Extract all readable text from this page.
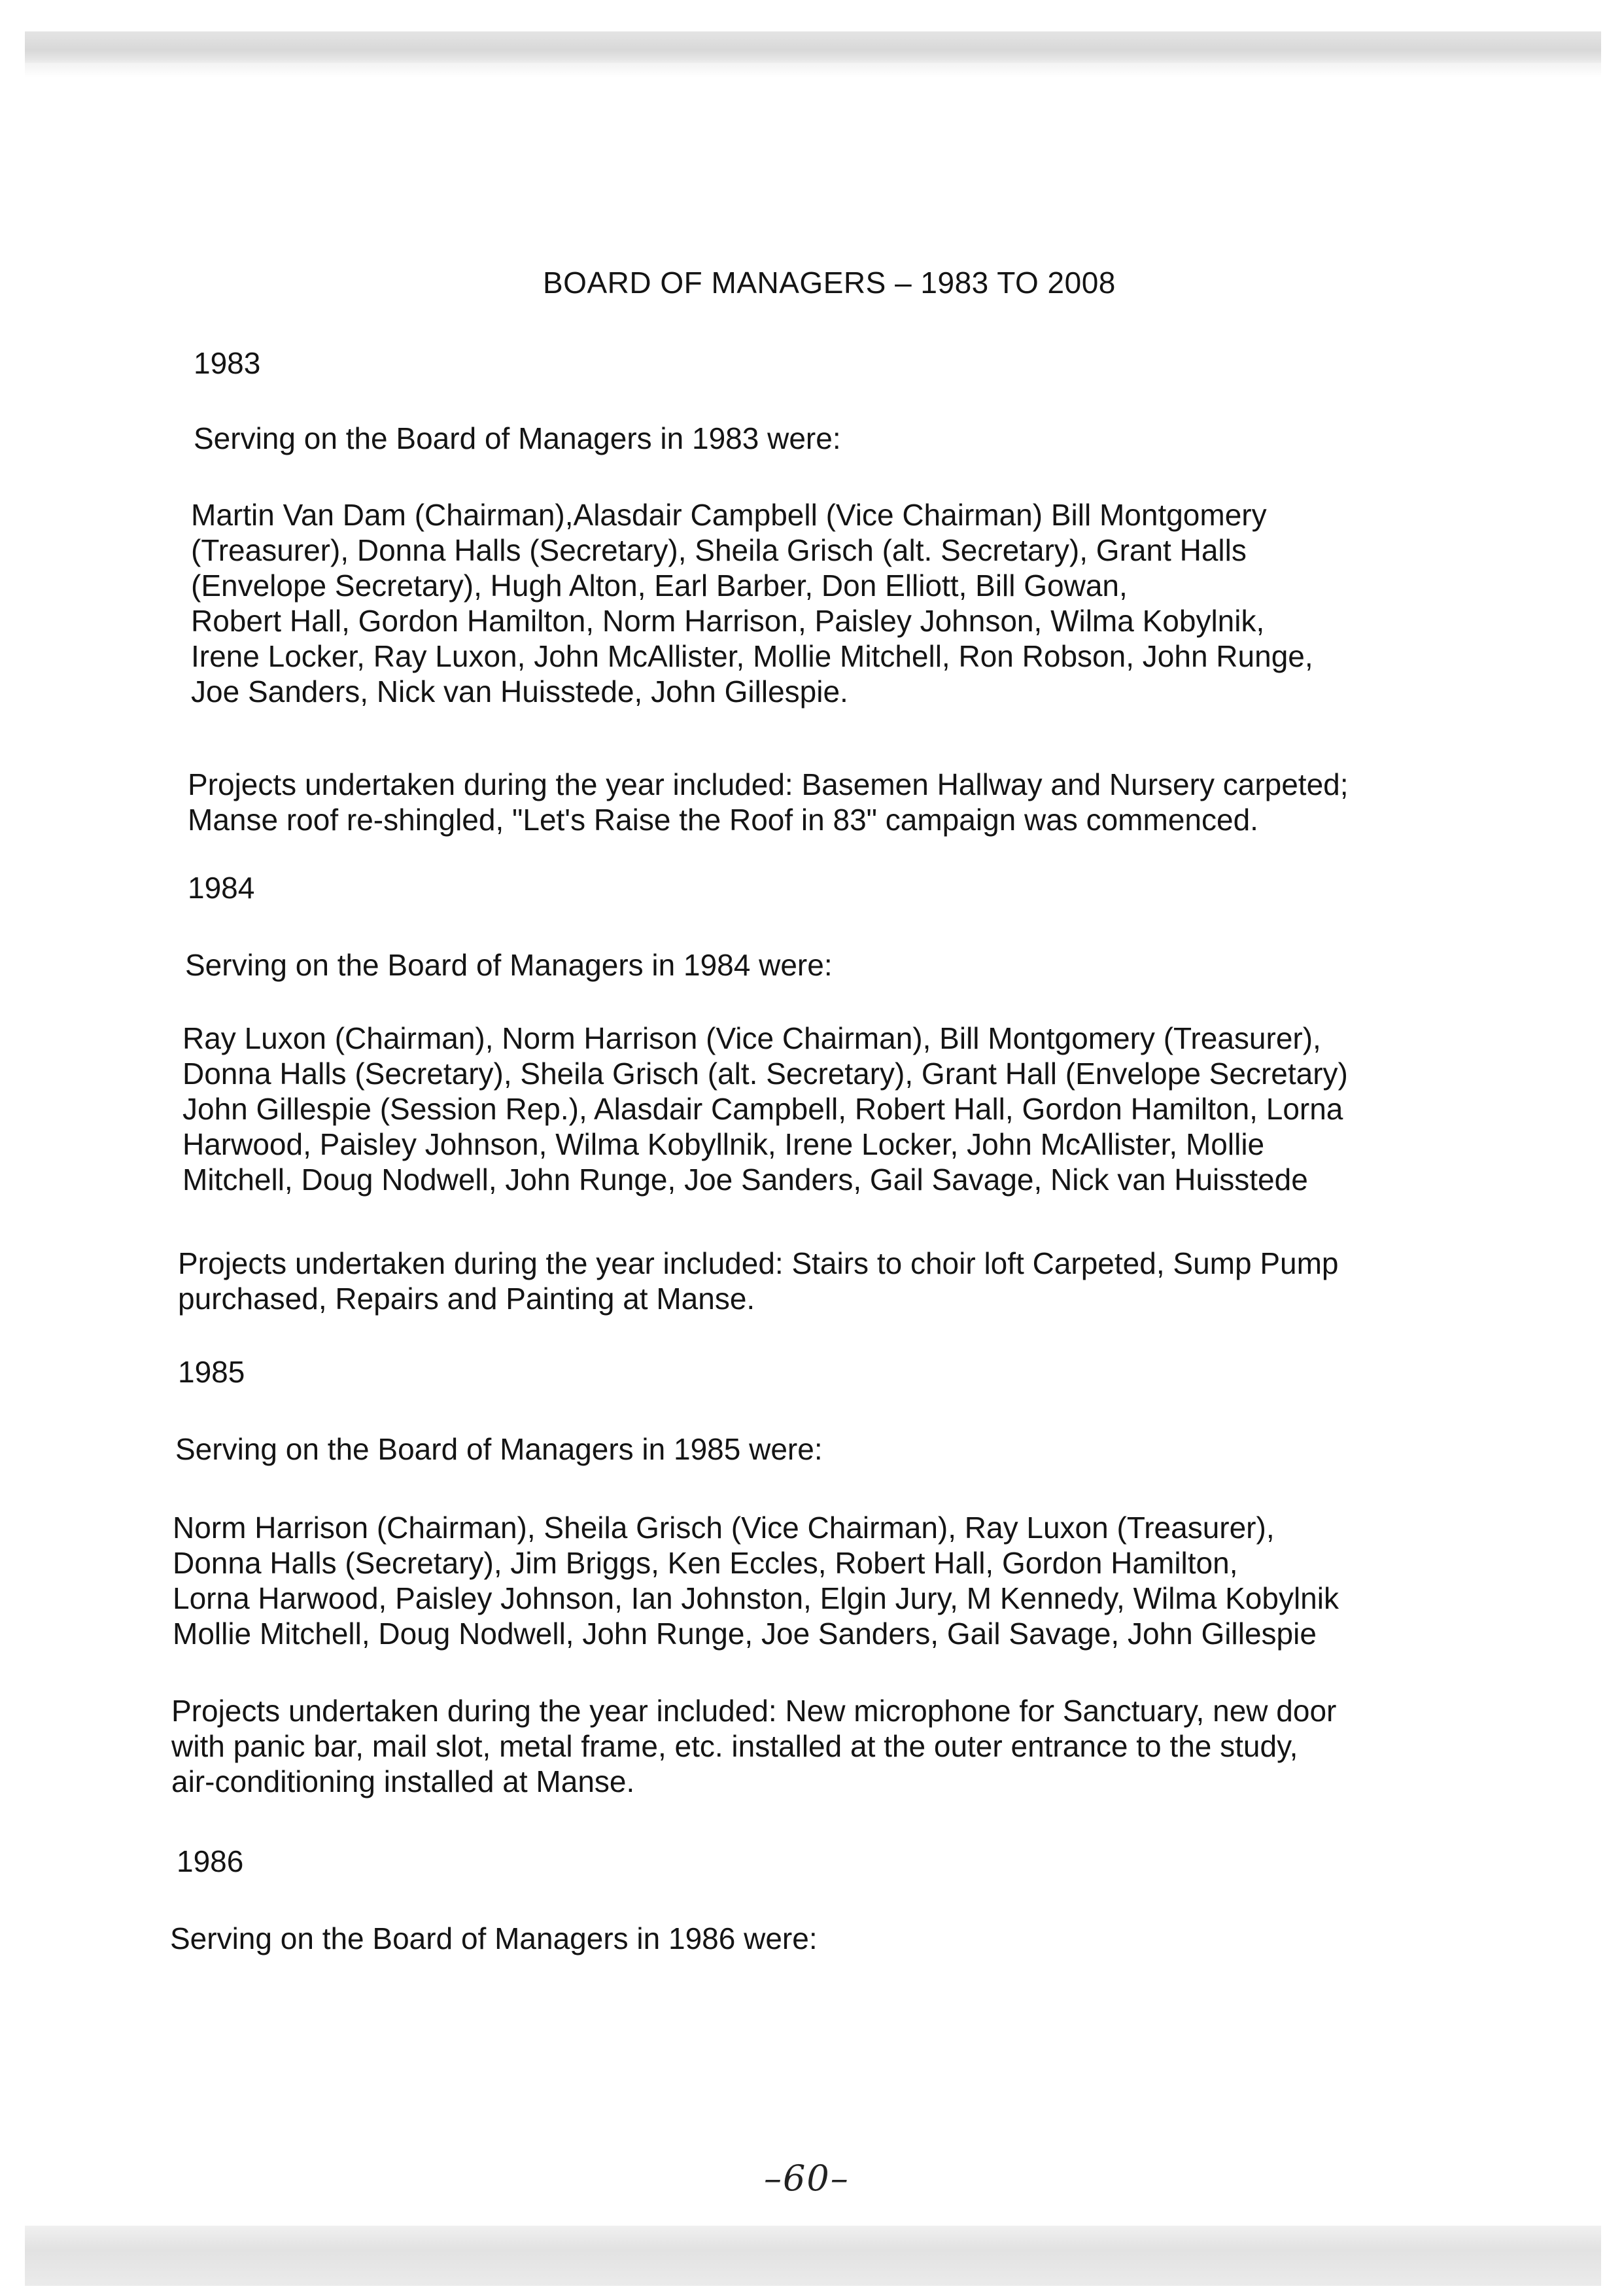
BOARD OF MANAGERS – 1983 TO 2008
1983
Serving on the Board of Managers in 1983 were:
Martin Van Dam (Chairman),Alasdair Campbell (Vice Chairman) Bill Montgomery
(Treasurer), Donna Halls (Secretary), Sheila Grisch (alt. Secretary), Grant Halls
(Envelope Secretary), Hugh Alton, Earl Barber, Don Elliott, Bill Gowan,
Robert Hall, Gordon Hamilton, Norm Harrison, Paisley Johnson, Wilma Kobylnik,
Irene Locker, Ray Luxon, John McAllister, Mollie Mitchell, Ron Robson, John Runge,
Joe Sanders, Nick van Huisstede, John Gillespie.
Projects undertaken during the year included: Basemen Hallway and Nursery carpeted;
Manse roof re-shingled, "Let's Raise the Roof in 83" campaign was commenced.
1984
Serving on the Board of Managers in 1984 were:
Ray Luxon (Chairman), Norm Harrison (Vice Chairman), Bill Montgomery (Treasurer),
Donna Halls (Secretary), Sheila Grisch (alt. Secretary), Grant Hall (Envelope Secretary)
John Gillespie (Session Rep.), Alasdair Campbell, Robert Hall, Gordon Hamilton, Lorna
Harwood, Paisley Johnson, Wilma Kobyllnik, Irene Locker, John McAllister, Mollie
Mitchell, Doug Nodwell, John Runge, Joe Sanders, Gail Savage, Nick van Huisstede
Projects undertaken during the year included: Stairs to choir loft Carpeted, Sump Pump
purchased, Repairs and Painting at Manse.
1985
Serving on the Board of Managers in 1985 were:
Norm Harrison (Chairman), Sheila Grisch (Vice Chairman), Ray Luxon (Treasurer),
Donna Halls (Secretary), Jim Briggs, Ken Eccles, Robert Hall, Gordon Hamilton,
Lorna Harwood, Paisley Johnson, Ian Johnston, Elgin Jury, M Kennedy, Wilma Kobylnik
Mollie Mitchell, Doug Nodwell, John Runge, Joe Sanders, Gail Savage, John Gillespie
Projects undertaken during the year included: New microphone for Sanctuary, new door
with panic bar, mail slot, metal frame, etc. installed at the outer entrance to the study,
air-conditioning installed at Manse.
1986
Serving on the Board of Managers in 1986 were:
–60–
